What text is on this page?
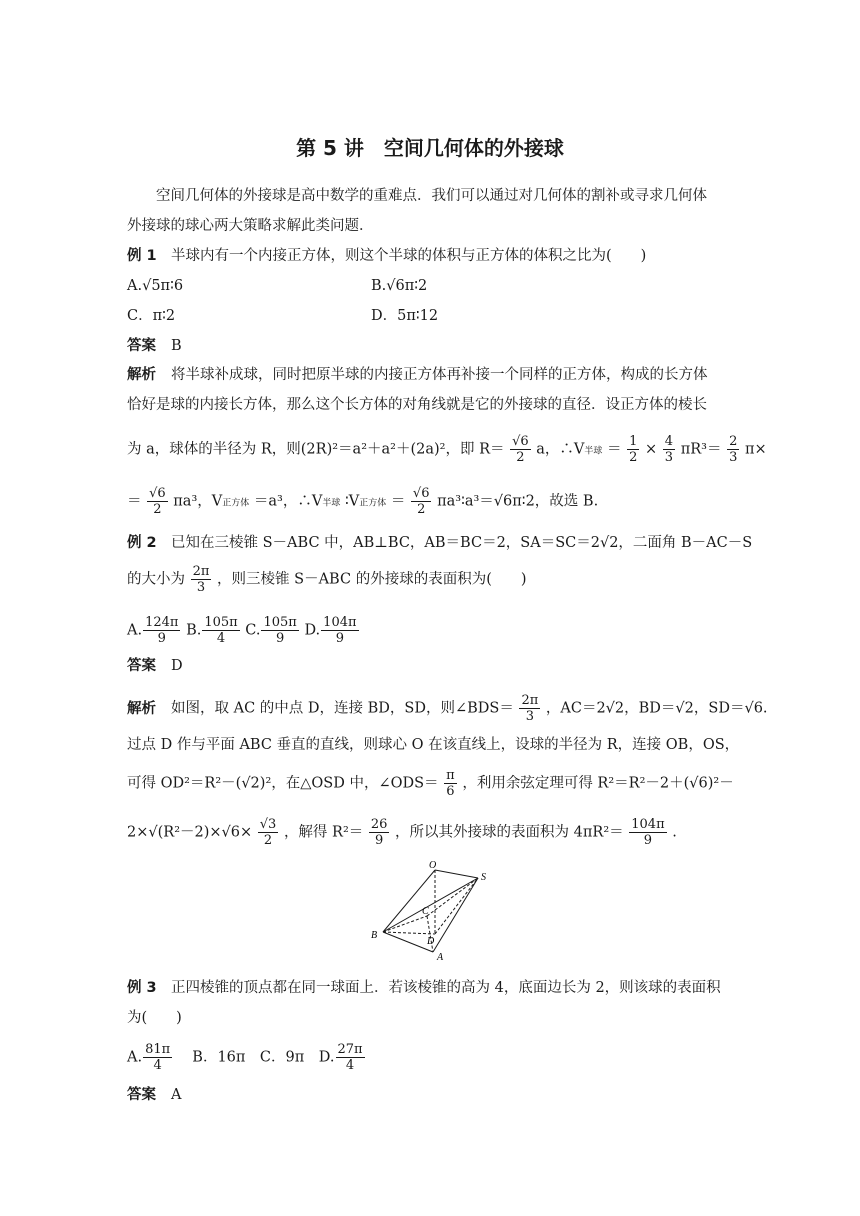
第 5 讲　空间几何体的外接球
空间几何体的外接球是高中数学的重难点．我们可以通过对几何体的割补或寻求几何体
外接球的球心两大策略求解此类问题．
例 1 半球内有一个内接正方体，则这个半球的体积与正方体的体积之比为(　　)
A.√5π∶6	B.√6π∶2
C．π∶2	D．5π∶12
答案 B
解析 将半球补成球，同时把原半球的内接正方体再补接一个同样的正方体，构成的长方体
恰好是球的内接长方体，那么这个长方体的对角线就是它的外接球的直径．设正方体的棱长
为 a，球体的半径为 R，则(2R)²＝a²＋a²＋(2a)²，即 $R= \frac{√6}{2}$ a，∴V半球 ＝ $\frac{1}{2} \times \frac{4}{3} \pi R^3= \frac{2}{3} \pi\times$
＝ $\frac{√6}{2} \pi a^3$，V正方体 ＝a³，∴V半球 ∶V正方体 ＝ $\frac{√6}{2}$ πa³∶a³＝√6π∶2，故选 B.
例 2 已知在三棱锥 S－ABC 中，AB⊥BC，AB＝BC＝2，SA＝SC＝2√2，二面角 B－AC－S
的大小为 $\frac{2\pi}{3}$ ，则三棱锥 S－ABC 的外接球的表面积为(　　)
A. $\frac{124\pi}{9} B$. $\frac{105\pi}{4} C$. $\frac{105\pi}{9} D$. $\frac{104\pi}{9}$
答案 D
解析 如图，取 AC 的中点 D，连接 BD，SD，则∠BDS＝ $\frac{2\pi}{3}$ ，AC＝2√2，BD＝√2，SD＝√6.
过点 D 作与平面 ABC 垂直的直线，则球心 O 在该直线上，设球的半径为 R，连接 OB，OS，
可得 OD²＝R²－(√2)²，在△OSD 中，∠ODS＝ $\frac{\pi}{6}$ ，利用余弦定理可得 R²＝R²－2＋(√6)²－
$2\times√(R^2-2)\times√6\times \frac{√3}{2}$ ，解得 $R^2= \frac{26}{9}$ ，所以其外接球的表面积为 $4\pi R^2= \frac{104\pi}{9}$ .
O
S
C
B
D
A
例 3 正四棱锥的顶点都在同一球面上．若该棱锥的高为 4，底面边长为 2，则该球的表面积
为(　　)
A. $\frac{81\pi}{4}$ 　B．16π　C．9π　D. $\frac{27\pi}{4}$
答案 A
